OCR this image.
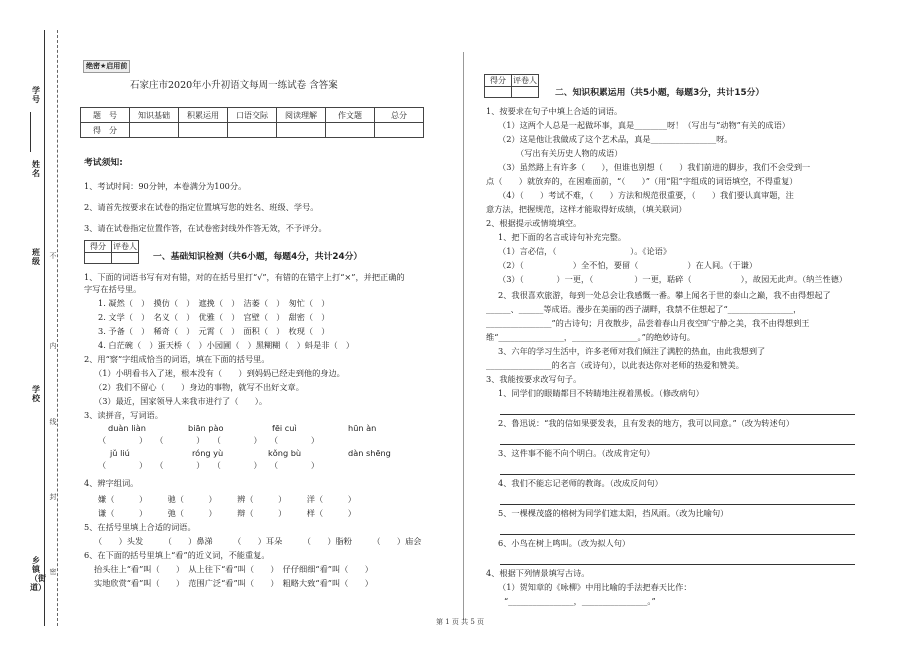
学号
姓名
班级
学校
乡镇（街道）
不
内
线
封
密
绝密★启用前
石家庄市2020年小升初语文每周一练试卷 含答案
题　号	知识基础	积累运用	口语交际	阅读理解	作文题	总分
得　分						
考试须知:
1、考试时间：90分钟，本卷满分为100分。
2、请首先按要求在试卷的指定位置填写您的姓名、班级、学号。
3、请在试卷指定位置作答，在试卷密封线外作答无效，不予评分。
得分 评卷人
一、基础知识检测（共6小题，每题4分，共计24分）
1、下面的词语书写有对有错，对的在括号里打“√”，有错的在错字上打“×”，并把正确的
字写在括号里。
1. 凝然（　）　摸仿（　）　遮挽（　）　洁萎（　）　匆忙（　）
2. 文学（　）　名义（　）　优雅（　）　宫壁（　）　甜密（　）
3. 予备（　）　稀奇（　）　元霄（　）　面积（　）　枚现（　）
4. 白茫碗（　）蛋天桥（　）小园圃（　）黑糊糊（　）蚪是非（　）
2、用“察”字组成恰当的词语，填在下面的括号里。
（1）小明看书入了迷，根本没有（　　）到妈妈已经走到他的身边。
（2）我们不留心（　　）身边的事物，就写不出好文章。
（3）最近，国家领导人来我市进行了（　　）。
3、读拼音，写词语。
duàn liàn	biān pào	fēi cuì	hūn àn
（　　　　）　　（　　　　）　　（　　　　）　　（　　　　）
jǔ liú	róng yù	kǒng bù	dàn shēng
（　　　　）　　（　　　　）　　（　　　　）　　（　　　　）
4、辨字组词。
嫌（　　　）　　　驰（　　　）　　　辨（　　　）　　　洋（　　　）
谦（　　　）　　　弛（　　　）　　　辩（　　　）　　　样（　　　）
5、在括号里填上合适的词语。
（　　）头发　　　（　　）鼻涕　　　（　　）耳朵　　　（　　）脂粉　　　（　　）庙会
6、在下面的括号里填上“看”的近义词，不能重复。
抬头往上“看”叫（　　）　从上往下“看”叫（　　）　仔仔细细“看”叫（　　）
实地欣赏“看”叫（　　）　范围广泛“看”叫（　　）　粗略大致“看”叫（　　）
得分 评卷人
二、知识积累运用（共5小题，每题3分，共计15分）
1、按要求在句子中填上合适的词语。
（1）这两个人总是一起做坏事，真是________呀！（写出与“动物”有关的成语）
（2）这是他让我做成了这个艺术品，真是________________呀。
（写出有关历史人物的成语）
（3）虽然路上有许多（　　），但谁也别想（　　）我们前进的脚步，我们不会受到一
点（　　）就放弃的，在困难面前，“（　　）”（用“阻”字组成的词语填空，不得重复）
（4）（　　）考试不难，（　　）方法和规范很重要，（　　）我们要认真审题，注
意方法，把握规范，这样才能取得好成绩，（填关联词）
2、根据提示或情境填空。
1、把下面的名言或诗句补充完整。
（1）言必信，（　　　　　　　　　）。《论语》
（2）（　　　　　　）全不怕，要留（　　　　　　）在人间。（于谦）
（3）（　　　　）一更，（　　　　　）一更，聒碎（　　　　　　），故园无此声。（纳兰性德）
2、我很喜欢旅游，每到一处总会让我感慨一番。攀上闻名于世的泰山之巅，我不由得想起了
______、______等成语。漫步在美丽的西子湖畔，我禁不住想起了“________________，
________________”的古诗句；月夜散步，品尝着春山月夜空旷宁静之美，我不由得想到王
维“________________，________________。”的绝妙诗句。
3、六年的学习生活中，许多老师对我们倾注了满腔的热血，由此我想到了
________________的名言（或诗句），以此表达你对老师的热爱和赞美。
3、我能按要求改写句子。
1、同学们的眼睛都目不转睛地注视着黑板。（修改病句）
2、鲁迅说：“我的信如果要发表，且有发表的地方，我可以同意。”（改为转述句）
3、这件事不能不向个明白。（改成肯定句）
4、我们不能忘记老师的教诲。（改成反问句）
5、一棵棵茂盛的榕树为同学们遮太阳，挡风雨。（改为比喻句）
6、小鸟在树上鸣叫。（改为拟人句）
4、根据下列情景填写古诗。
（1）贺知章的《咏柳》中用比喻的手法把春天比作：
“________________，________________。”
第 1 页 共 5 页
